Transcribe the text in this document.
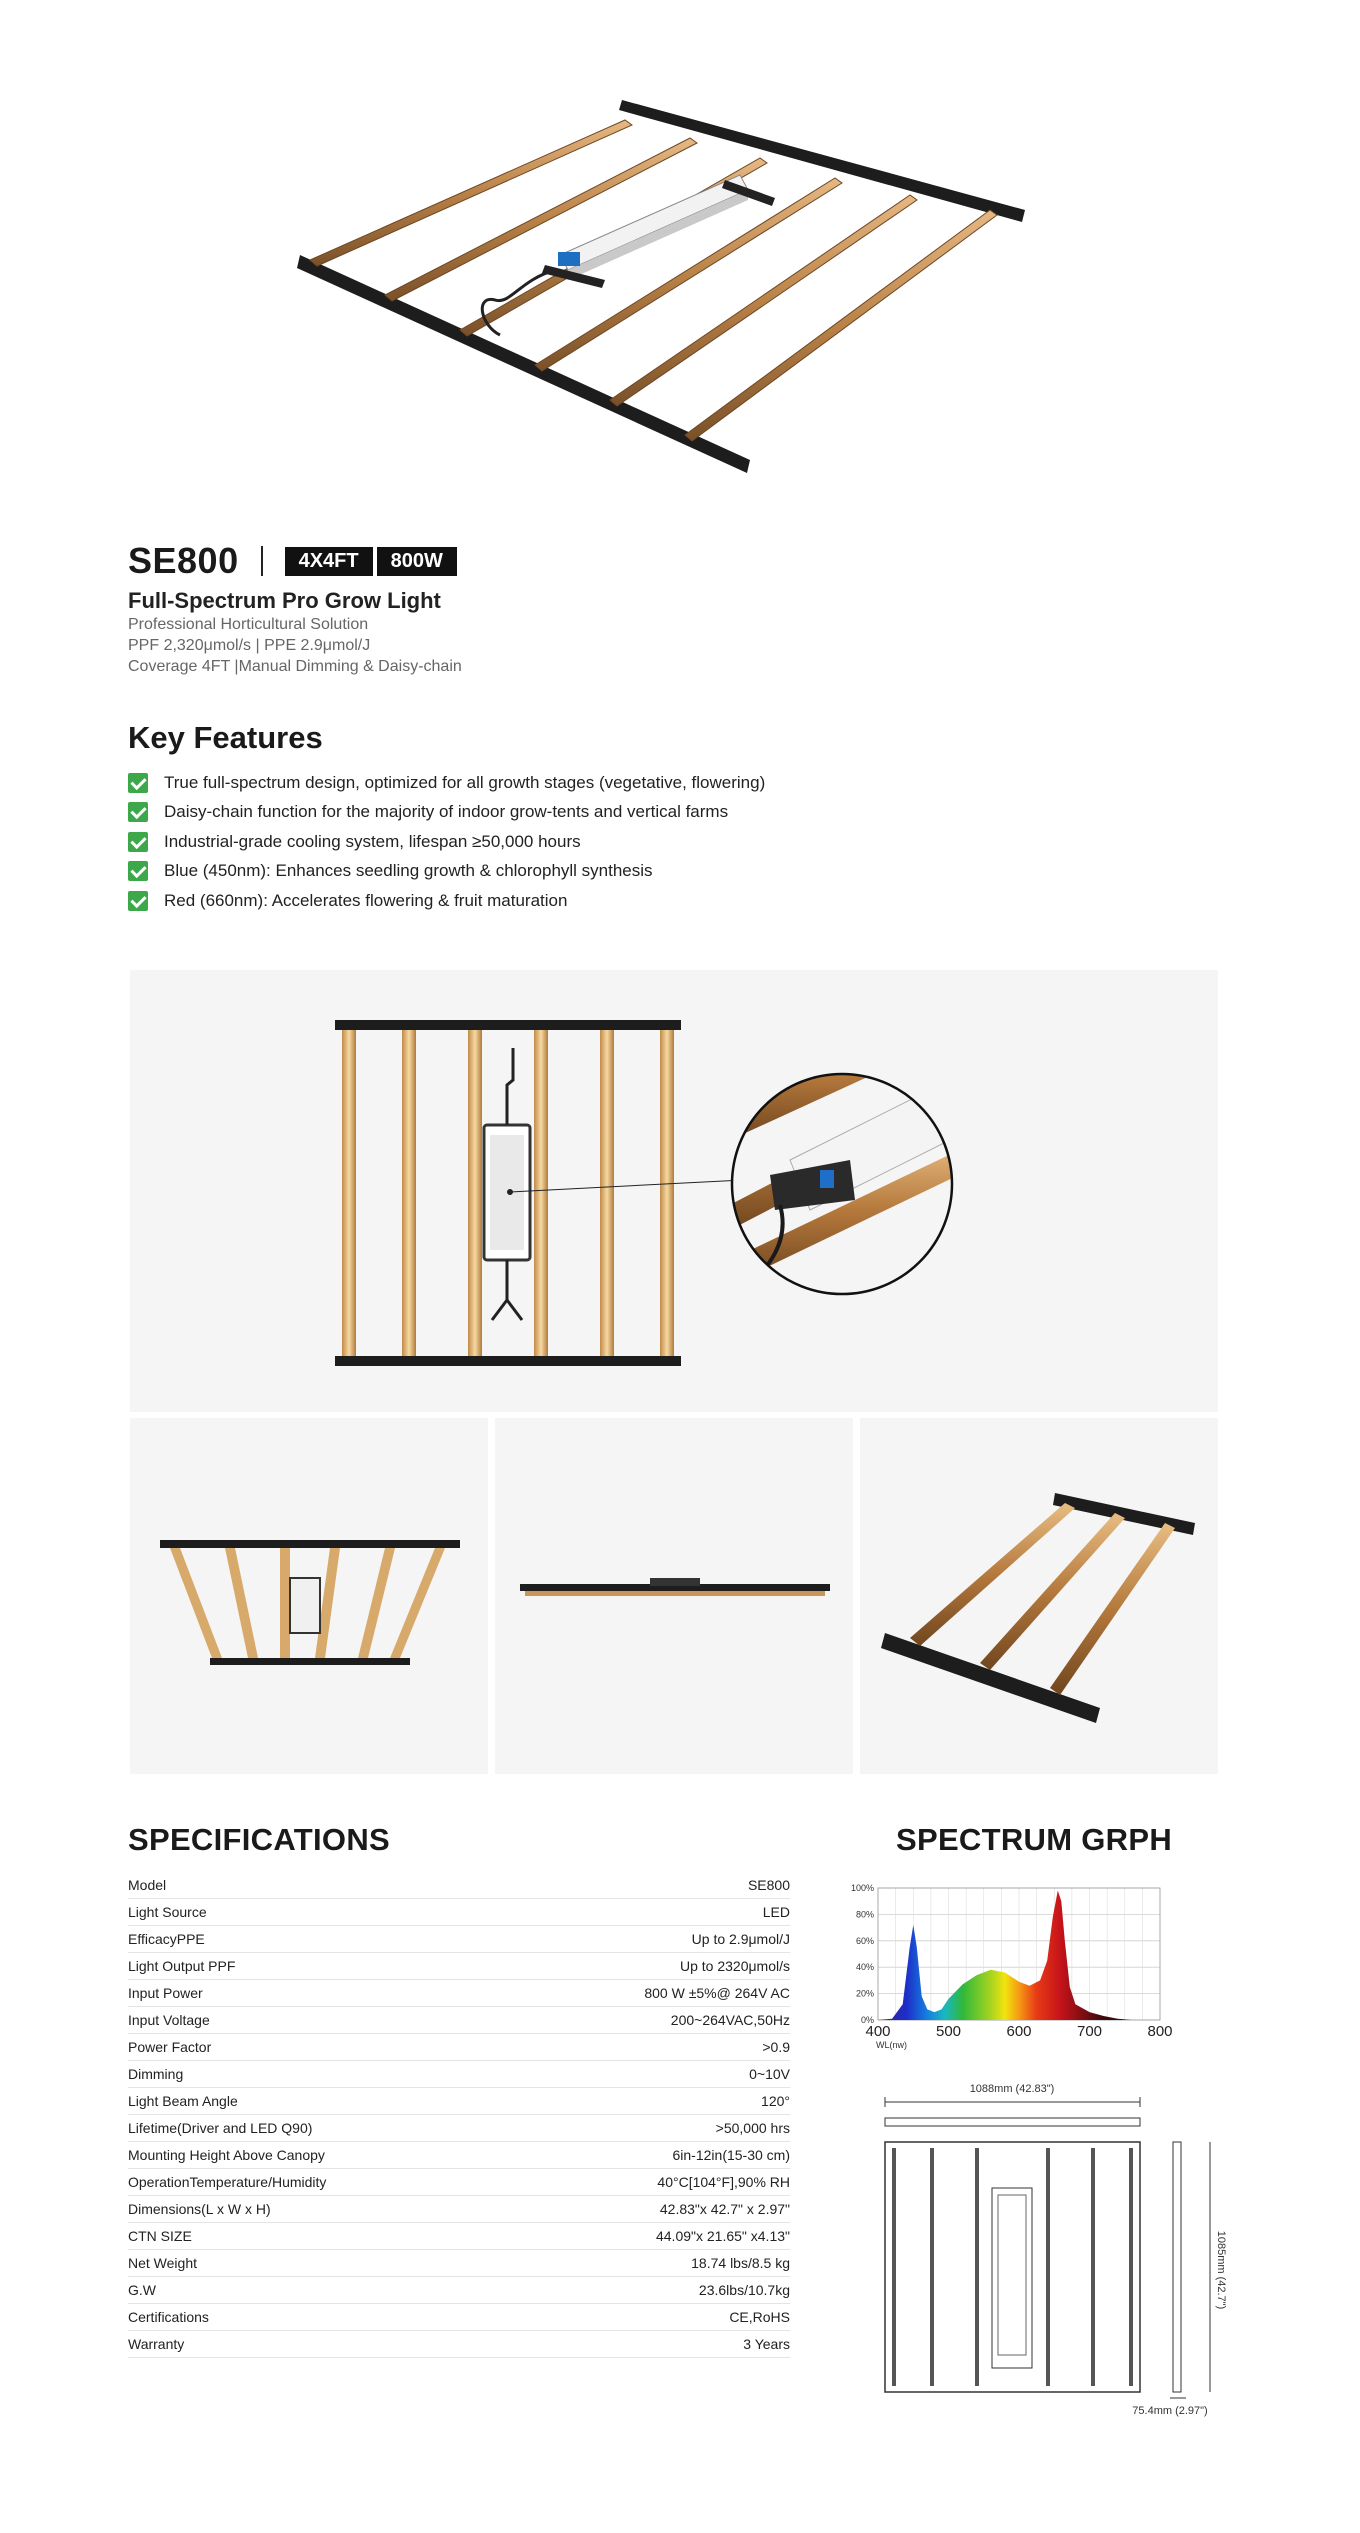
SE800	4X4FT	800W
Full-Spectrum Pro Grow Light
Professional Horticultural Solution
PPF 2,320μmol/s | PPE 2.9μmol/J
Coverage 4FT |Manual Dimming & Daisy-chain
Key Features
True full-spectrum design, optimized for all growth stages (vegetative, flowering)
Daisy-chain function for the majority of indoor grow-tents and vertical farms
Industrial-grade cooling system, lifespan ≥50,000 hours
Blue (450nm): Enhances seedling growth & chlorophyll synthesis
Red (660nm): Accelerates flowering & fruit maturation
SPECIFICATIONS
Model	SE800
Light Source	LED
EfficacyPPE	Up to 2.9μmol/J
Light Output PPF	Up to 2320μmol/s
Input Power	800 W ±5%@ 264V AC
Input Voltage	200~264VAC,50Hz
Power Factor	>0.9
Dimming	0~10V
Light Beam Angle	120°
Lifetime(Driver and LED Q90)	>50,000 hrs
Mounting Height Above Canopy	6in-12in(15-30 cm)
OperationTemperature/Humidity	40°C[104°F],90% RH
Dimensions(L x W x H)	42.83"x 42.7" x 2.97"
CTN SIZE	44.09"x 21.65" x4.13"
Net Weight	18.74 lbs/8.5 kg
G.W	23.6lbs/10.7kg
Certifications	CE,RoHS
Warranty	3 Years
SPECTRUM GRPH
0%
20%
40%
60%
80%
100%
400	500	600	700	800
WL(nw)
1088mm (42.83")
1085mm (42.7")
75.4mm (2.97")
